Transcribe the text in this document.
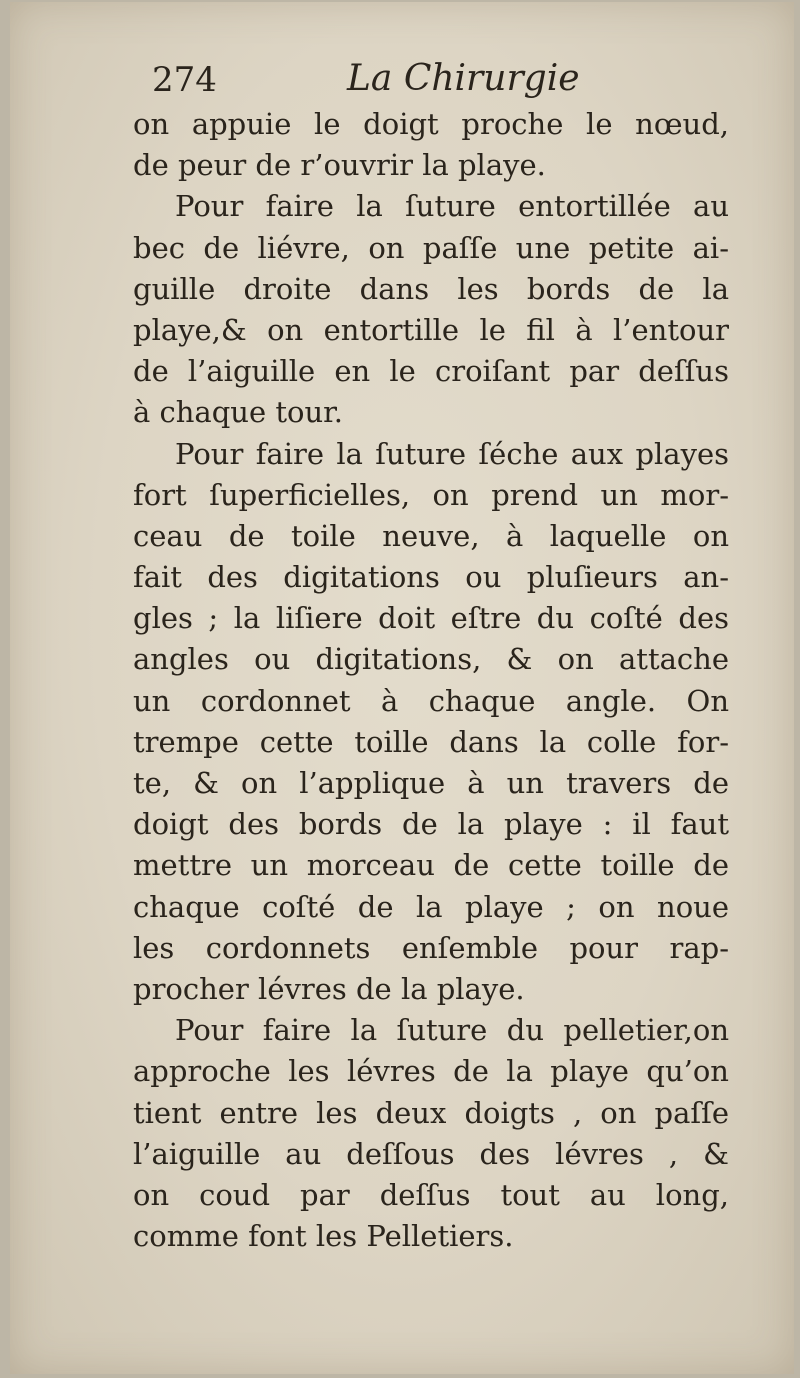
274	La Chirurgie
on appuie le doigt proche le nœud,
de peur de r’ouvrir la playe.
Pour faire la ſuture entortillée au
bec de liévre, on paſſe une petite ai-
guille droite dans les bords de la
playe,& on entortille le fil à l’entour
de l’aiguille en le croiſant par deſſus
à chaque tour.
Pour faire la ſuture ſéche aux playes
fort ſuperficielles, on prend un mor-
ceau de toile neuve, à laquelle on
fait des digitations ou pluſieurs an-
gles ; la liſiere doit eſtre du coſté des
angles ou digitations, & on attache
un cordonnet à chaque angle. On
trempe cette toille dans la colle for-
te, & on l’applique à un travers de
doigt des bords de la playe : il faut
mettre un morceau de cette toille de
chaque coſté de la playe ; on noue
les cordonnets enſemble pour rap-
procher lévres de la playe.
Pour faire la ſuture du pelletier,on
approche les lévres de la playe qu’on
tient entre les deux doigts , on paſſe
l’aiguille au deſſous des lévres , &
on coud par deſſus tout au long,
comme font les Pelletiers.
